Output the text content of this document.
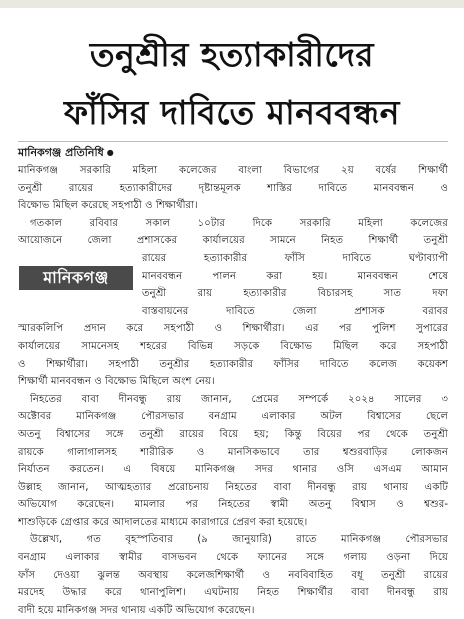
তনুশ্রীর হত্যাকারীদের
ফাঁসির দাবিতে মানববন্ধন
মানিকগঞ্জ প্রতিনিধি ●
মানিকগঞ্জ সরকারি মহিলা কলেজের বাংলা বিভাগের ২য় বর্ষের শিক্ষার্থী
তনুশ্রী রায়ের হত্যাকারীদের দৃষ্টান্তমূলক শাস্তির দাবিতে মানববন্ধন ও
বিক্ষোভ মিছিল করেছে সহপাঠী ও শিক্ষার্থীরা।
গতকাল রবিবার সকাল ১০টার দিকে সরকারি মহিলা কলেজের
আয়োজনে জেলা প্রশাসকের কার্যালয়ের সামনে নিহত শিক্ষার্থী তনুশ্রী
রায়ের হত্যাকারীর ফাঁসি দাবিতে ঘণ্টাব্যাপী
মানববন্ধন পালন করা হয়। মানববন্ধন শেষে
তনুশ্রী রায় হত্যাকারীর বিচারসহ সাত দফা
বাস্তবায়নের দাবিতে জেলা প্রশাসক বরাবর
স্মারকলিপি প্রদান করে সহপাঠী ও শিক্ষার্থীরা। এর পর পুলিশ সুপারের
কার্যালয়ের সামনেসহ শহরের বিভিন্ন সড়কে বিক্ষোভ মিছিল করে সহপাঠী
ও শিক্ষার্থীরা। সহপাঠী তনুশ্রীর হত্যাকারীর ফাঁসির দাবিতে কলেজ কয়েকশ
শিক্ষার্থী মানববন্ধন ও বিক্ষোভ মিছিলে অংশ নেয়।
নিহতের বাবা দীনবন্ধু রায় জানান, প্রেমের সম্পর্কে ২০২৪ সালের ৩
অক্টোবর মানিকগঞ্জ পৌরসভার বনগ্রাম এলাকার অটল বিশ্বাসের ছেলে
অতনু বিশ্বাসের সঙ্গে তনুশ্রী রায়ের বিয়ে হয়; কিন্তু বিয়ের পর থেকে তনুশ্রী
রায়কে গালাগালসহ শারীরিক ও মানসিকভাবে তার শ্বশুরবাড়ির লোকজন
নির্যাতন করতেন। এ বিষয়ে মানিকগঞ্জ সদর থানার ওসি এসএম আমান
উল্লাহ জানান, আত্মহত্যার প্ররোচনায় নিহতের বাবা দীনবন্ধু রায় থানায় একটি
অভিযোগ করেছেন। মামলার পর নিহতের স্বামী অতনু বিশ্বাস ও শ্বশুর-
শাশুড়িকে গ্রেপ্তার করে আদালতের মাধ্যমে কারাগারে প্রেরণ করা হয়েছে।
উল্লেখ্য, গত বৃহস্পতিবার (৯ জানুয়ারি) রাতে মানিকগঞ্জ পৌরসভার
বনগ্রাম এলাকার স্বামীর বাসভবন থেকে ফ্যানের সঙ্গে গলায় ওড়না দিয়ে
ফাঁস দেওয়া ঝুলন্ত অবস্থায় কলেজশিক্ষার্থী ও নববিবাহিত বধূ তনুশ্রী রায়ের
মরদেহ উদ্ধার করে থানাপুলিশ। এঘটনায় নিহত শিক্ষার্থীর বাবা দীনবন্ধু রায়
বাদী হয়ে মানিকগঞ্জ সদর থানায় একটি অভিযোগ করেছেন।
মানিকগঞ্জ
